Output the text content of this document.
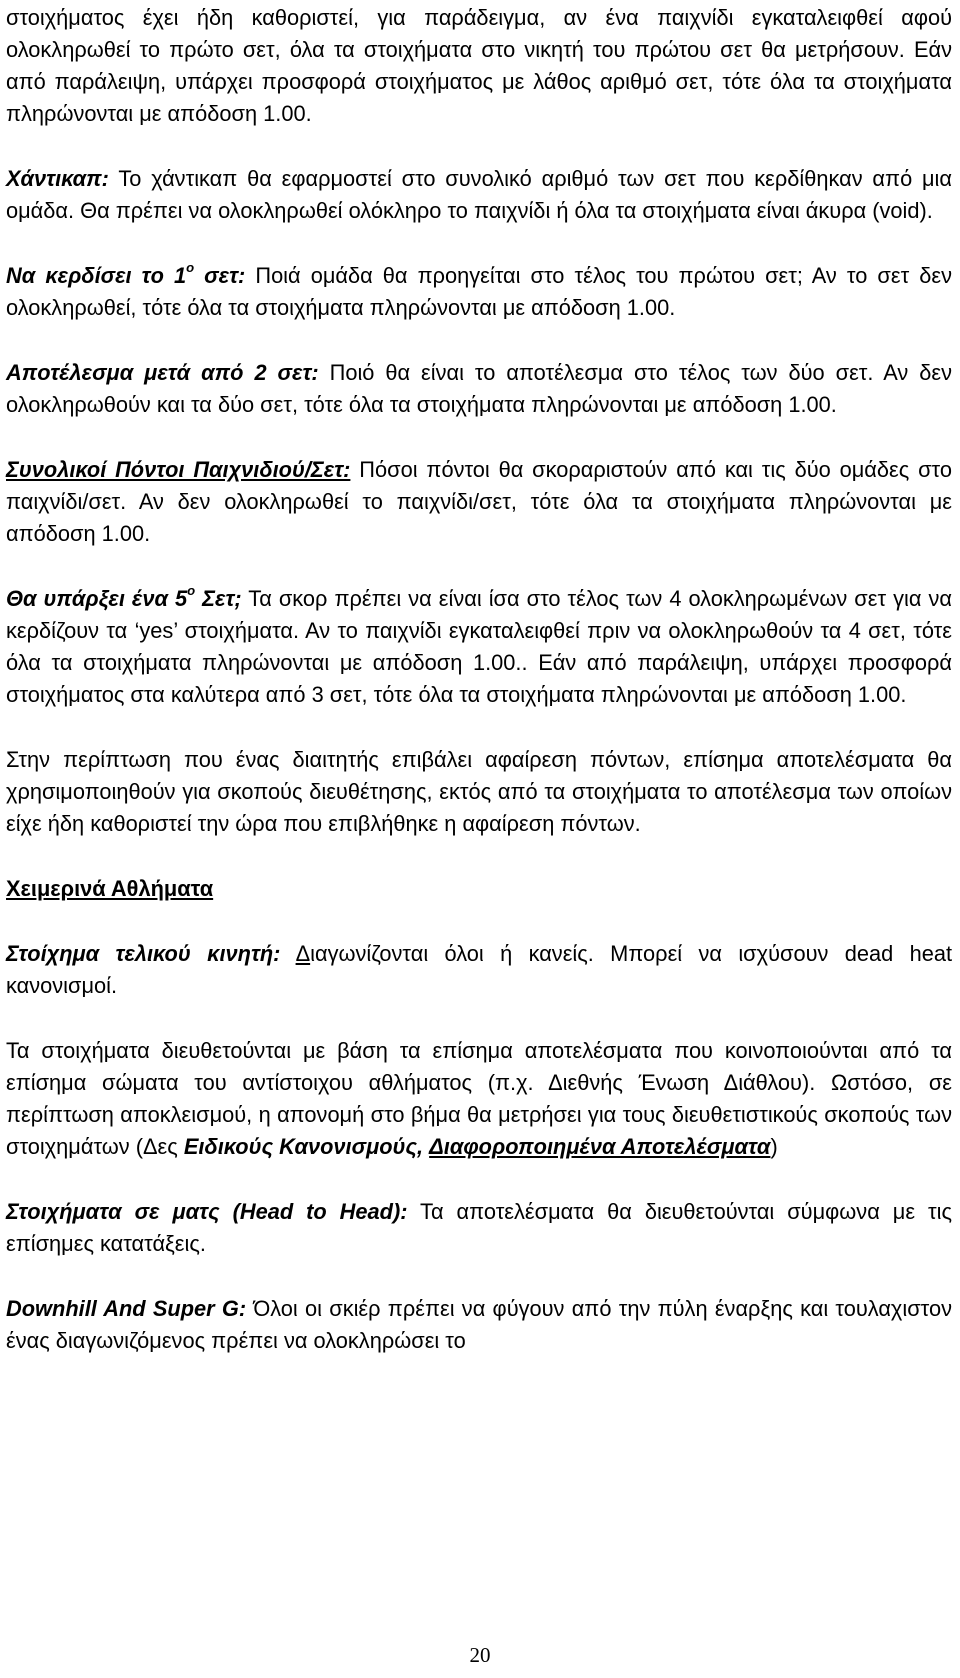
στοιχήματος έχει ήδη καθοριστεί, για παράδειγμα, αν ένα παιχνίδι εγκαταλειφθεί αφού ολοκληρωθεί το πρώτο σετ, όλα τα στοιχήματα στο νικητή του πρώτου σετ θα μετρήσουν. Εάν από παράλειψη, υπάρχει προσφορά στοιχήματος με λάθος αριθμό σετ, τότε όλα τα στοιχήματα πληρώνονται με απόδοση 1.00.

Χάντικαπ: Το χάντικαπ θα εφαρμοστεί στο συνολικό αριθμό των σετ που κερδίθηκαν από μια ομάδα. Θα πρέπει να ολοκληρωθεί ολόκληρο το παιχνίδι ή όλα τα στοιχήματα είναι άκυρα (void).

Να κερδίσει το $1^o$ σετ: Ποιά ομάδα θα προηγείται στο τέλος του πρώτου σετ; Αν το σετ δεν ολοκληρωθεί, τότε όλα τα στοιχήματα πληρώνονται με απόδοση 1.00.

Αποτέλεσμα μετά από 2 σετ: Ποιό θα είναι το αποτέλεσμα στο τέλος των δύο σετ. Αν δεν ολοκληρωθούν και τα δύο σετ, τότε όλα τα στοιχήματα πληρώνονται με απόδοση 1.00.

Συνολικοί Πόντοι Παιχνιδιού/Σετ: Πόσοι πόντοι θα σκοραριστούν από και τις δύο ομάδες στο παιχνίδι/σετ. Αν δεν ολοκληρωθεί το παιχνίδι/σετ, τότε όλα τα στοιχήματα πληρώνονται με απόδοση 1.00.

Θα υπάρξει ένα $5^o$ Σετ; Τα σκορ πρέπει να είναι ίσα στο τέλος των 4 ολοκληρωμένων σετ για να κερδίζουν τα ‘yes’ στοιχήματα. Αν το παιχνίδι εγκαταλειφθεί πριν να ολοκληρωθούν τα 4 σετ, τότε όλα τα στοιχήματα πληρώνονται με απόδοση 1.00.. Εάν από παράλειψη, υπάρχει προσφορά στοιχήματος στα καλύτερα από 3 σετ, τότε όλα τα στοιχήματα πληρώνονται με απόδοση 1.00.

Στην περίπτωση που ένας διαιτητής επιβάλει αφαίρεση πόντων, επίσημα αποτελέσματα θα χρησιμοποιηθούν για σκοπούς διευθέτησης, εκτός από τα στοιχήματα το αποτέλεσμα των οποίων είχε ήδη καθοριστεί την ώρα που επιβλήθηκε η αφαίρεση πόντων.

Χειμερινά Αθλήματα

Στοίχημα τελικού κινητή: Διαγωνίζονται όλοι ή κανείς. Μπορεί να ισχύσουν dead heat κανονισμοί.

Τα στοιχήματα διευθετούνται με βάση τα επίσημα αποτελέσματα που κοινοποιούνται από τα επίσημα σώματα του αντίστοιχου αθλήματος (π.χ. Διεθνής Ένωση Διάθλου). Ωστόσο, σε περίπτωση αποκλεισμού, η απονομή στο βήμα θα μετρήσει για τους διευθετιστικούς σκοπούς των στοιχημάτων (Δες Ειδικούς Κανονισμούς, Διαφοροποιημένα Αποτελέσματα)

Στοιχήματα σε ματς (Head to Head): Τα αποτελέσματα θα διευθετούνται σύμφωνα με τις επίσημες κατατάξεις.

Downhill And Super G: Όλοι οι σκιέρ πρέπει να φύγουν από την πύλη έναρξης και τουλαχιστον ένας διαγωνιζόμενος πρέπει να ολοκληρώσει το

20
